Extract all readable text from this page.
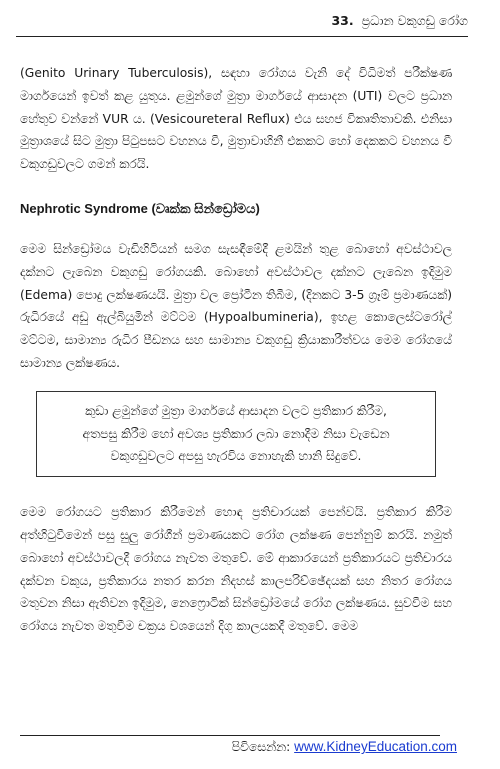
33. ප්‍රධාන වකුගඩු රෝග

(Genito Urinary Tuberculosis), සඳහා රෝගය වැනි දේ විධිමත් පරීක්ෂණ මාර්ගයෙන් ඉවත් කළ යුතුය. ළමුන්ගේ මුත්‍රා මාර්ගයේ ආසාදන (UTI) වලට ප්‍රධාන හේතුව වන්නේ VUR ය. (Vesicoureteral Reflux) එය සහජ විකෘතිතාවකි. එනිසා මුත්‍රාශයේ සිට මුත්‍රා පිටුපසට වහනය වී, මුත්‍රාවාහිනී එකකට හෝ දෙකකට වහනය වී වකුගඩුවලට ගමන් කරයි.

Nephrotic Syndrome (වෘක්ක සින්ඩ්‍රෝමය)

මෙම සින්ඩ්‍රෝමය වැඩිහිටියන් සමග සැසඳීමේදී ළමයින් තුළ බොහෝ අවස්ථාවල දක්නට ලැබෙන වකුගඩු රෝගයකි. බොහෝ අවස්ථාවල දක්නට ලැබෙන ඉදිමුම (Edema) පොදු ලක්ෂණයයි. මුත්‍රා වල ප්‍රෝටීන තිබීම, (දිනකට 3-5 ග්‍රෑම් ප්‍රමාණයක්) රුධිරයේ අඩු ඇල්බියුමින් මට්ටම (Hypoalbumineria), ඉහළ කොලෙස්ටරෝල් මට්ටම, සාමාන්‍ය රුධිර පීඩනය සහ සාමාන්‍ය වකුගඩු ක්‍රියාකාරීත්වය මෙම රෝගයේ සාමාන්‍ය ලක්ෂණය.

කුඩා ළමුන්ගේ මුත්‍රා මාර්ගයේ ආසාදන වලට ප්‍රතිකාර කිරීම,
අතපසු කිරීම හෝ අවශ්‍ය ප්‍රතිකාර ලබා නොදීම නිසා වැඩෙන
වකුගඩුවලට අපසු හැරවිය නොහැකි හානි සිදුවේ.

මෙම රෝගයට ප්‍රතිකාර කිරීමෙන් හොඳ ප්‍රතිචාරයක් පෙන්වයි. ප්‍රතිකාර කිරීම අත්හිටුවීමෙන් පසු සුලු රෝගීන් ප්‍රමාණයකට රෝග ලක්ෂණ පෙන්නුම් කරයි. නමුත් බොහෝ අවස්ථාවලදී රෝගය නැවත මතුවේ. මේ ආකාරයෙන් ප්‍රතිකාරයට ප්‍රතිචාරය දක්වන වකුය, ප්‍රතිකාරය නතර කරන නිදහස් කාලපරිච්ඡේදයක් සහ නිතර රෝගය මතුවන නිසා ඇතිවන ඉදිමුම, නෙෆ්‍රොටික් සින්ඩ්‍රෝමයේ රෝග ලක්ෂණය. සුවවීම සහ රෝගය නැවත මතුවීම චක්‍රය වශයෙන් දිගු කාලයකදී මතුවේ. මෙම

පිවිසෙන්න: www.KidneyEducation.com
